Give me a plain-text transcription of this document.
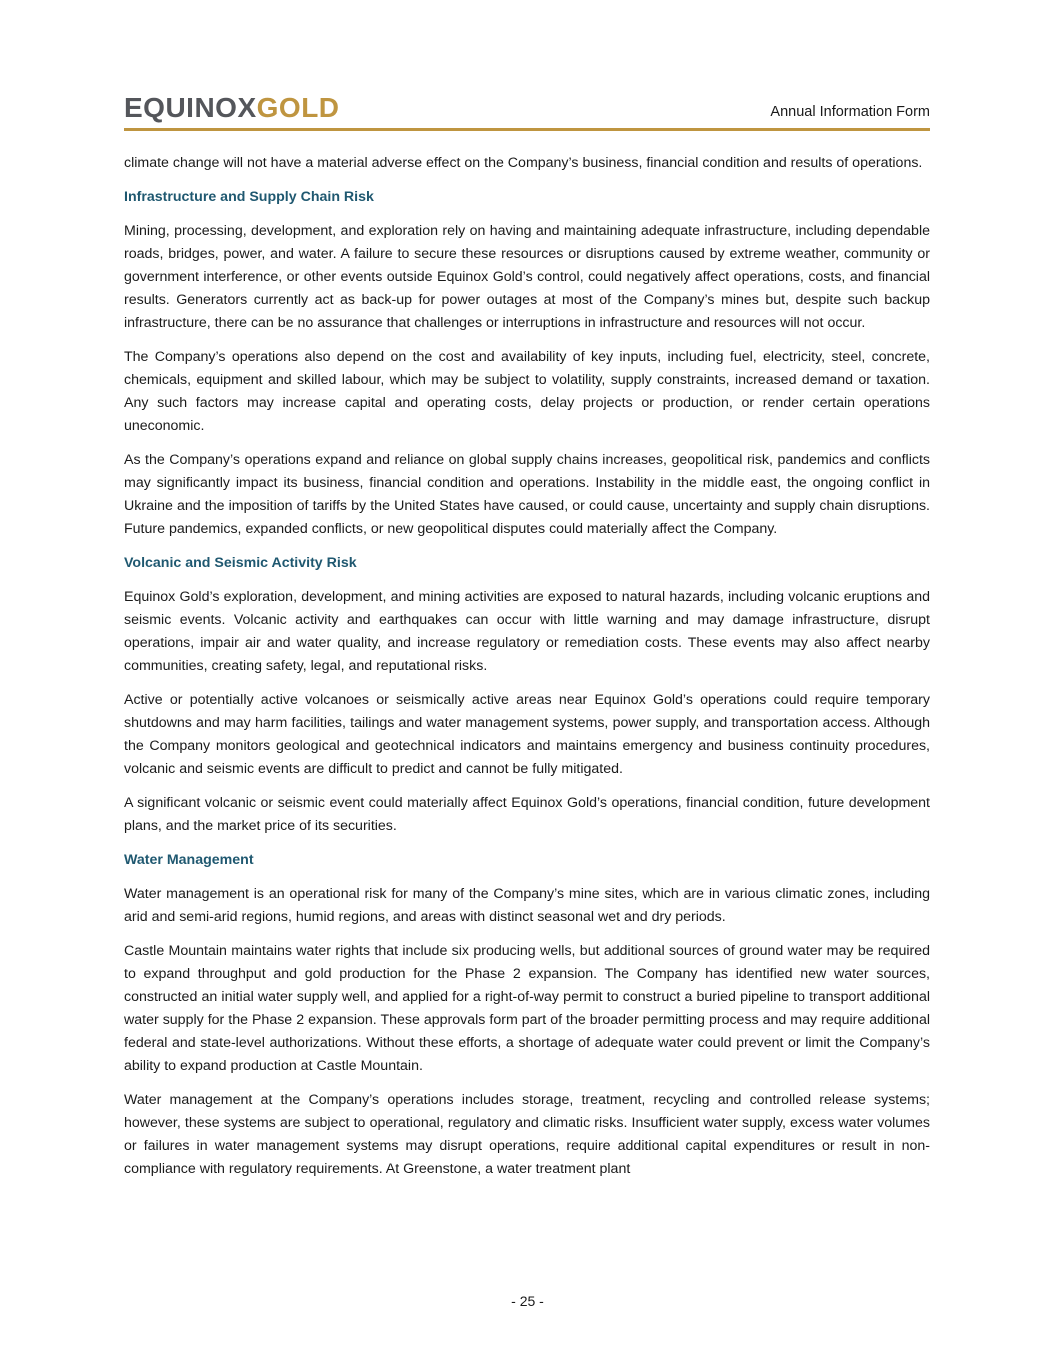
EQUINOXGOLD	Annual Information Form

climate change will not have a material adverse effect on the Company’s business, financial condition and results of operations.

Infrastructure and Supply Chain Risk

Mining, processing, development, and exploration rely on having and maintaining adequate infrastructure, including dependable roads, bridges, power, and water. A failure to secure these resources or disruptions caused by extreme weather, community or government interference, or other events outside Equinox Gold’s control, could negatively affect operations, costs, and financial results. Generators currently act as back-up for power outages at most of the Company’s mines but, despite such backup infrastructure, there can be no assurance that challenges or interruptions in infrastructure and resources will not occur.

The Company’s operations also depend on the cost and availability of key inputs, including fuel, electricity, steel, concrete, chemicals, equipment and skilled labour, which may be subject to volatility, supply constraints, increased demand or taxation. Any such factors may increase capital and operating costs, delay projects or production, or render certain operations uneconomic.

As the Company’s operations expand and reliance on global supply chains increases, geopolitical risk, pandemics and conflicts may significantly impact its business, financial condition and operations. Instability in the middle east, the ongoing conflict in Ukraine and the imposition of tariffs by the United States have caused, or could cause, uncertainty and supply chain disruptions. Future pandemics, expanded conflicts, or new geopolitical disputes could materially affect the Company.

Volcanic and Seismic Activity Risk

Equinox Gold’s exploration, development, and mining activities are exposed to natural hazards, including volcanic eruptions and seismic events. Volcanic activity and earthquakes can occur with little warning and may damage infrastructure, disrupt operations, impair air and water quality, and increase regulatory or remediation costs. These events may also affect nearby communities, creating safety, legal, and reputational risks.

Active or potentially active volcanoes or seismically active areas near Equinox Gold’s operations could require temporary shutdowns and may harm facilities, tailings and water management systems, power supply, and transportation access. Although the Company monitors geological and geotechnical indicators and maintains emergency and business continuity procedures, volcanic and seismic events are difficult to predict and cannot be fully mitigated.

A significant volcanic or seismic event could materially affect Equinox Gold’s operations, financial condition, future development plans, and the market price of its securities.

Water Management

Water management is an operational risk for many of the Company’s mine sites, which are in various climatic zones, including arid and semi-arid regions, humid regions, and areas with distinct seasonal wet and dry periods.

Castle Mountain maintains water rights that include six producing wells, but additional sources of ground water may be required to expand throughput and gold production for the Phase 2 expansion. The Company has identified new water sources, constructed an initial water supply well, and applied for a right-of-way permit to construct a buried pipeline to transport additional water supply for the Phase 2 expansion. These approvals form part of the broader permitting process and may require additional federal and state-level authorizations. Without these efforts, a shortage of adequate water could prevent or limit the Company’s ability to expand production at Castle Mountain.

Water management at the Company’s operations includes storage, treatment, recycling and controlled release systems; however, these systems are subject to operational, regulatory and climatic risks. Insufficient water supply, excess water volumes or failures in water management systems may disrupt operations, require additional capital expenditures or result in non-compliance with regulatory requirements. At Greenstone, a water treatment plant

- 25 -
